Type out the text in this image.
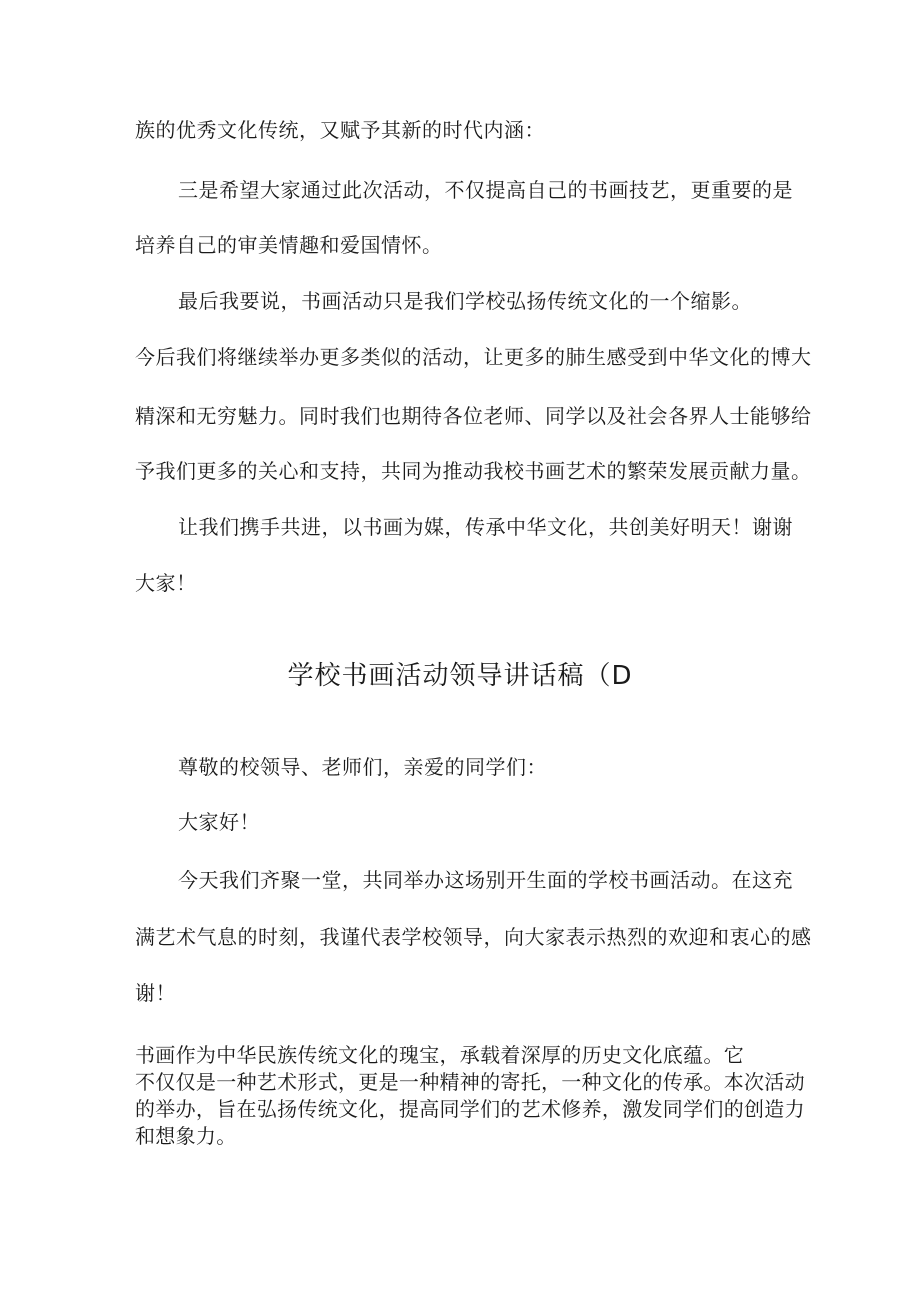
族的优秀文化传统，又赋予其新的时代内涵：
三是希望大家通过此次活动，不仅提高自己的书画技艺，更重要的是
培养自己的审美情趣和爱国情怀。
最后我要说，书画活动只是我们学校弘扬传统文化的一个缩影。
今后我们将继续举办更多类似的活动，让更多的肺生感受到中华文化的博大
精深和无穷魅力。同时我们也期待各位老师、同学以及社会各界人士能够给
予我们更多的关心和支持，共同为推动我校书画艺术的繁荣发展贡献力量。
让我们携手共进，以书画为媒，传承中华文化，共创美好明天！谢谢
大家！
学校书画活动领导讲话稿（D
尊敬的校领导、老师们，亲爱的同学们：
大家好！
今天我们齐聚一堂，共同举办这场别开生面的学校书画活动。在这充
满艺术气息的时刻，我谨代表学校领导，向大家表示热烈的欢迎和衷心的感
谢！
书画作为中华民族传统文化的瑰宝，承载着深厚的历史文化底蕴。它
不仅仅是一种艺术形式，更是一种精神的寄托，一种文化的传承。本次活动
的举办，旨在弘扬传统文化，提高同学们的艺术修养，激发同学们的创造力
和想象力。
